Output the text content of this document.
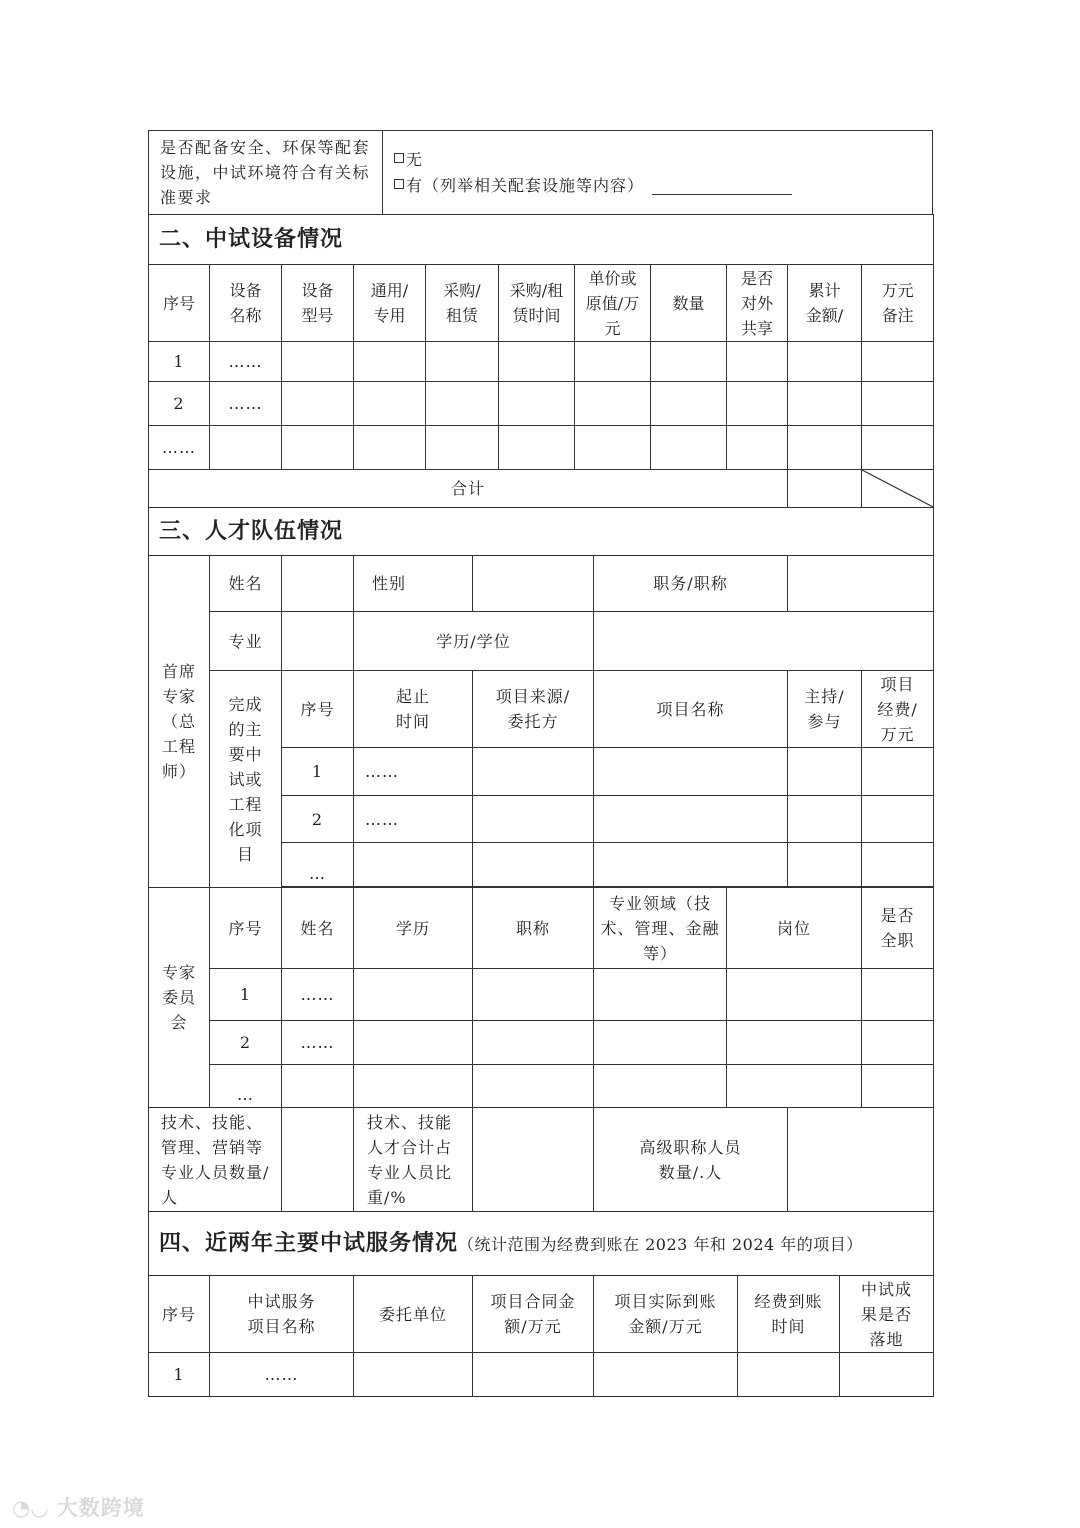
是否配备安全、环保等配套设施，中试环境符合有关标准要求	
无
有（列举相关配套设施等内容）
二、中试设备情况										
序号	设备名称	设备型号	通用/专用	采购/租赁	采购/租赁时间	单价或原值/万元	数量	是否对外共享	累计金额/	万元备注
1	……									
2	……									
……										
合计		
三、人才队伍情况								
首席专家（总工程师）	姓名		性别		职务/职称			
	专业		学历/学位					
	完成的主要中试或工程化项目	序号	起止时间	项目来源/委托方	项目名称		主持/参与	项目经费/万元
		1	……					
		2	……					
		…						

专家委员会	序号	姓名	学历	职称	专业领域（技术、管理、金融等）	岗位		是否全职
	1	……						
	2	……						
	…							
技术、技能、管理、营销等专业人员数量/人			技术、技能人才合计占专业人员比重/%		高级职称人员数量/.人			
四、近两年主要中试服务情况（统计范围为经费到账在 2023 年和 2024 年的项目）						
序号	中试服务项目名称	委托单位	项目合同金额/万元	项目实际到账金额/万元	经费到账时间	中试成果是否落地
1	……					
◔◡ 大数跨境
